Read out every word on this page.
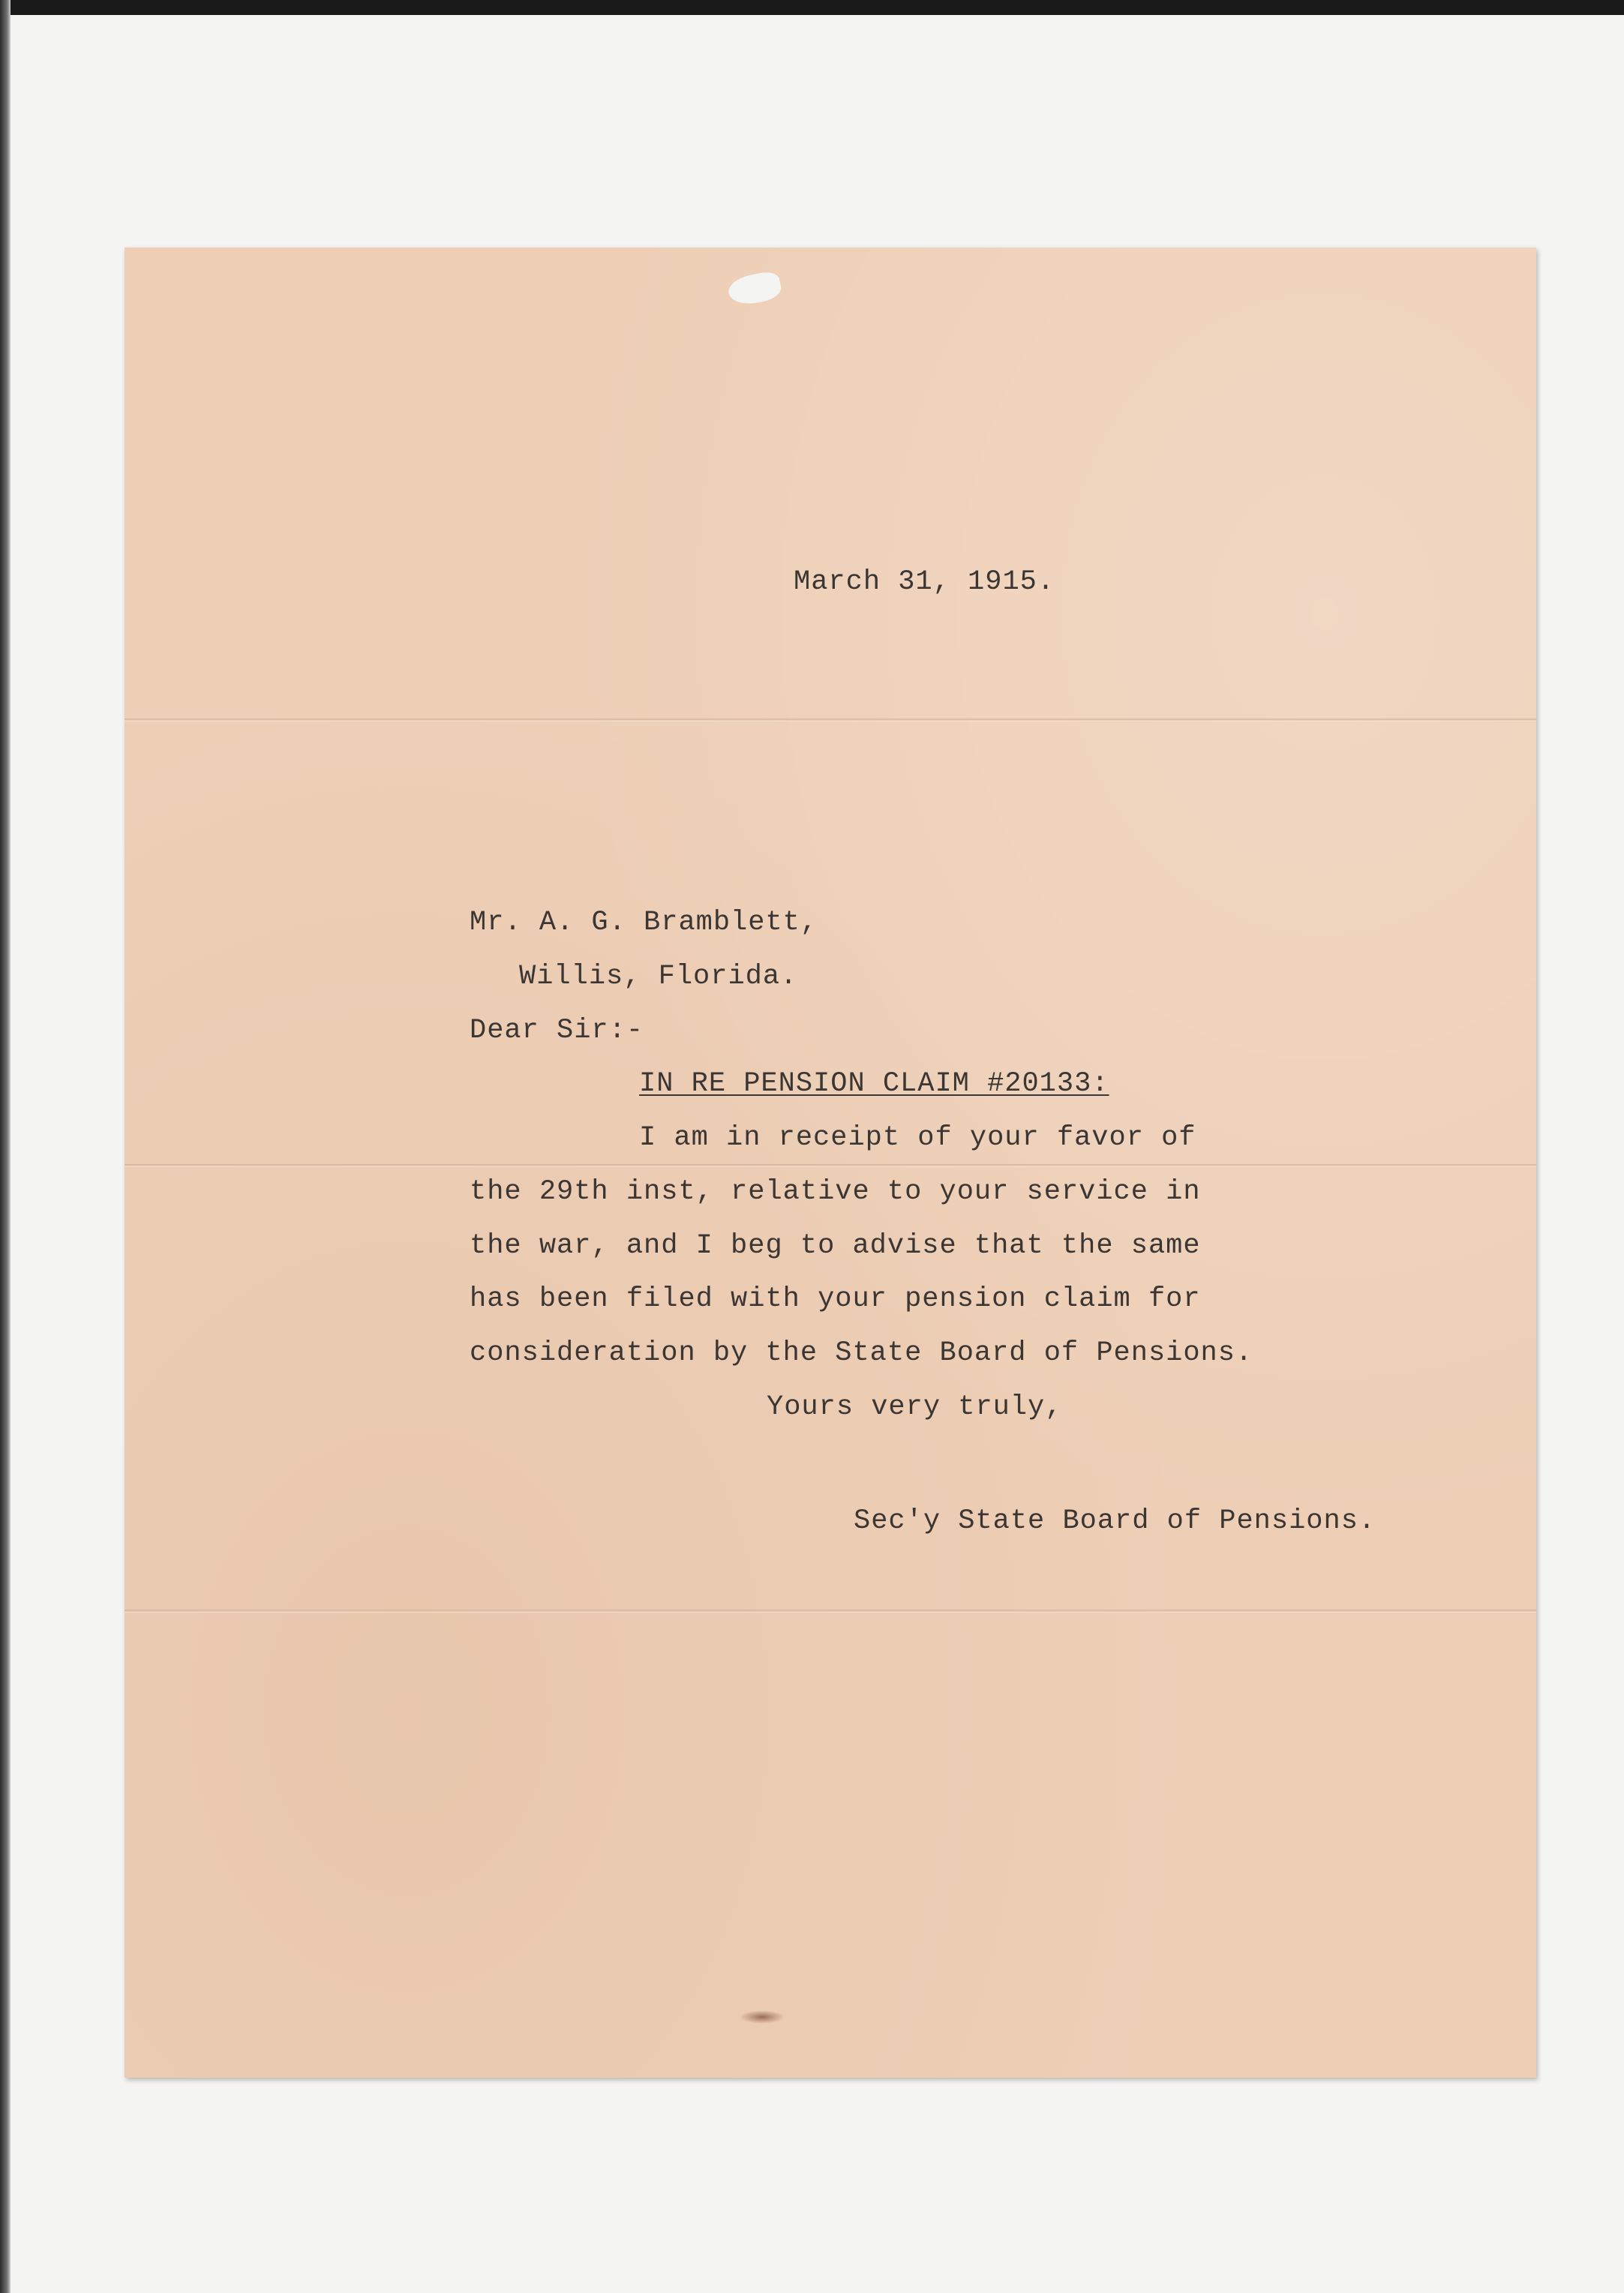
March 31, 1915.
Mr. A. G. Bramblett,
Willis, Florida.
Dear Sir:-
IN RE PENSION CLAIM #20133:
I am in receipt of your favor of
the 29th inst, relative to your service in
the war, and I beg to advise that the same
has been filed with your pension claim for
consideration by the State Board of Pensions.
Yours very truly,
Sec'y State Board of Pensions.
